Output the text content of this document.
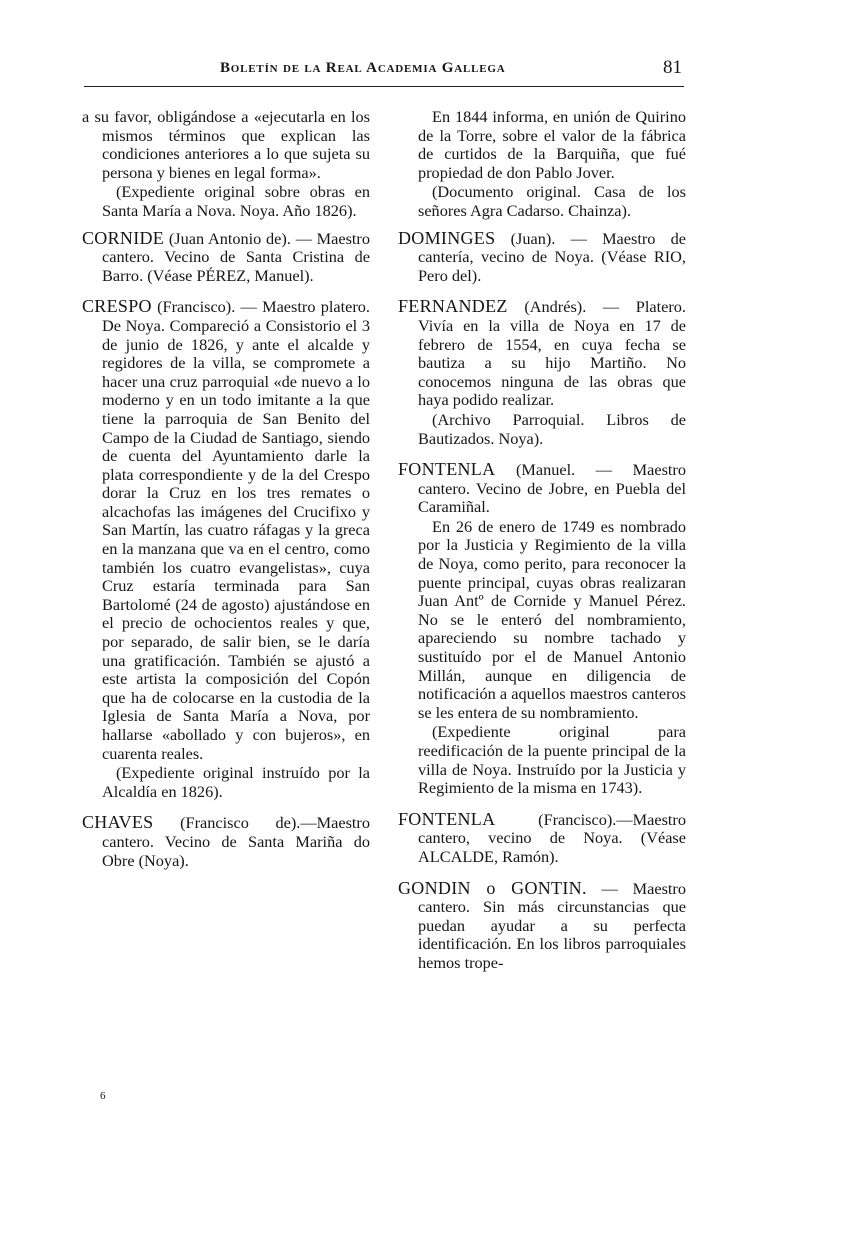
Boletín de la Real Academia Gallega	81

a su favor, obligándose a «ejecutarla en los mismos términos que explican las condiciones anteriores a lo que sujeta su persona y bienes en legal forma».

(Expediente original sobre obras en Santa María a Nova. Noya. Año 1826).

CORNIDE (Juan Antonio de). — Maestro cantero. Vecino de Santa Cristina de Barro. (Véase PÉREZ, Manuel).

CRESPO (Francisco). — Maestro platero. De Noya. Compareció a Consistorio el 3 de junio de 1826, y ante el alcalde y regidores de la villa, se compromete a hacer una cruz parroquial «de nuevo a lo moderno y en un todo imitante a la que tiene la parroquia de San Benito del Campo de la Ciudad de Santiago, siendo de cuenta del Ayuntamiento darle la plata correspondiente y de la del Crespo dorar la Cruz en los tres remates o alcachofas las imágenes del Crucifixo y San Martín, las cuatro ráfagas y la greca en la manzana que va en el centro, como también los cuatro evangelistas», cuya Cruz estaría terminada para San Bartolomé (24 de agosto) ajustándose en el precio de ochocientos reales y que, por separado, de salir bien, se le daría una gratificación. También se ajustó a este artista la composición del Copón que ha de colocarse en la custodia de la Iglesia de Santa María a Nova, por hallarse «abollado y con bujeros», en cuarenta reales.

(Expediente original instruído por la Alcaldía en 1826).

CHAVES (Francisco de).—Maestro cantero. Vecino de Santa Mariña do Obre (Noya).

En 1844 informa, en unión de Quirino de la Torre, sobre el valor de la fábrica de curtidos de la Barquiña, que fué propiedad de don Pablo Jover.

(Documento original. Casa de los señores Agra Cadarso. Chainza).

DOMINGES (Juan). — Maestro de cantería, vecino de Noya. (Véase RIO, Pero del).

FERNANDEZ (Andrés). — Platero. Vivía en la villa de Noya en 17 de febrero de 1554, en cuya fecha se bautiza a su hijo Martiño. No conocemos ninguna de las obras que haya podido realizar.

(Archivo Parroquial. Libros de Bautizados. Noya).

FONTENLA (Manuel. — Maestro cantero. Vecino de Jobre, en Puebla del Caramiñal.

En 26 de enero de 1749 es nombrado por la Justicia y Regimiento de la villa de Noya, como perito, para reconocer la puente principal, cuyas obras realizaran Juan Antº de Cornide y Manuel Pérez. No se le enteró del nombramiento, apareciendo su nombre tachado y sustituído por el de Manuel Antonio Millán, aunque en diligencia de notificación a aquellos maestros canteros se les entera de su nombramiento.

(Expediente original para reedificación de la puente principal de la villa de Noya. Instruído por la Justicia y Regimiento de la misma en 1743).

FONTENLA (Francisco).—Maestro cantero, vecino de Noya. (Véase ALCALDE, Ramón).

GONDIN o GONTIN. — Maestro cantero. Sin más circunstancias que puedan ayudar a su perfecta identificación. En los libros parroquiales hemos trope-

6
